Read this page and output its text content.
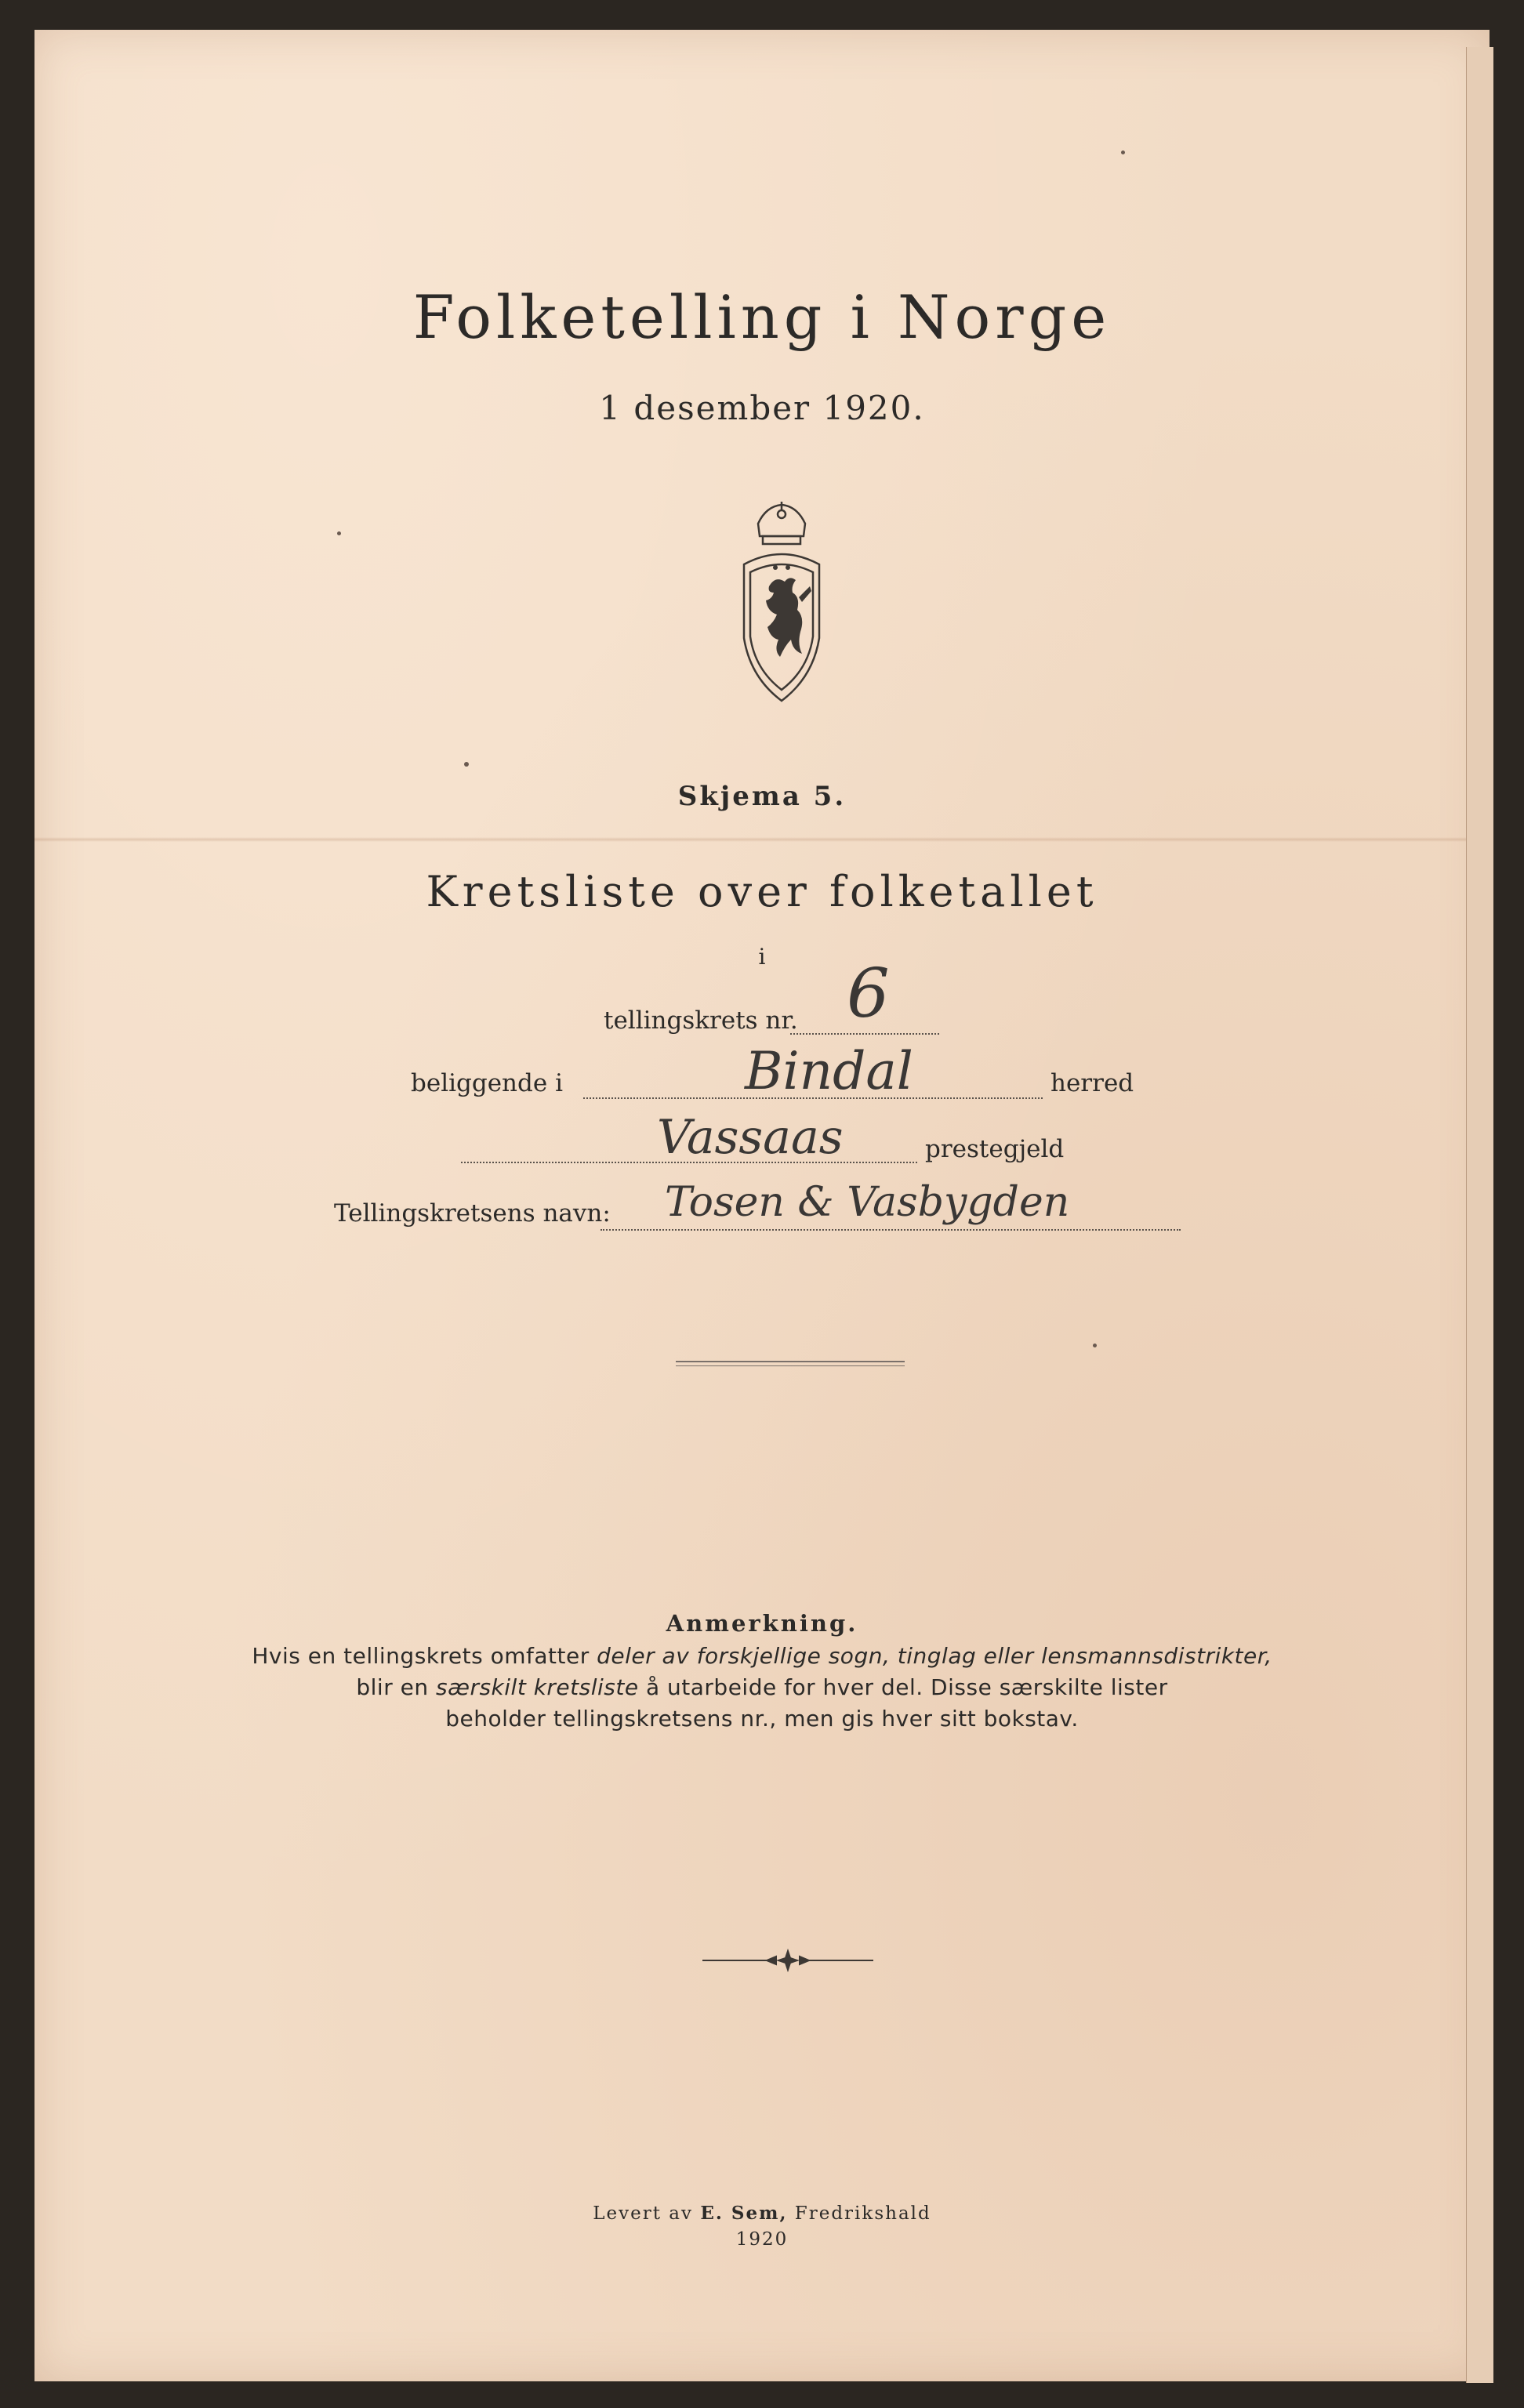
Folketelling i Norge
1 desember 1920.
Skjema 5.
Kretsliste over folketallet
i
tellingskrets nr. 6
beliggende i	Bindal	herred
Vassaas	prestegjeld
Tellingskretsens navn: Tosen & Vasbygden
Anmerkning.
Hvis en tellingskrets omfatter deler av forskjellige sogn, tinglag eller lensmannsdistrikter,
blir en særskilt kretsliste å utarbeide for hver del. Disse særskilte lister
beholder tellingskretsens nr., men gis hver sitt bokstav.
Levert av E. Sem, Fredrikshald
1920
